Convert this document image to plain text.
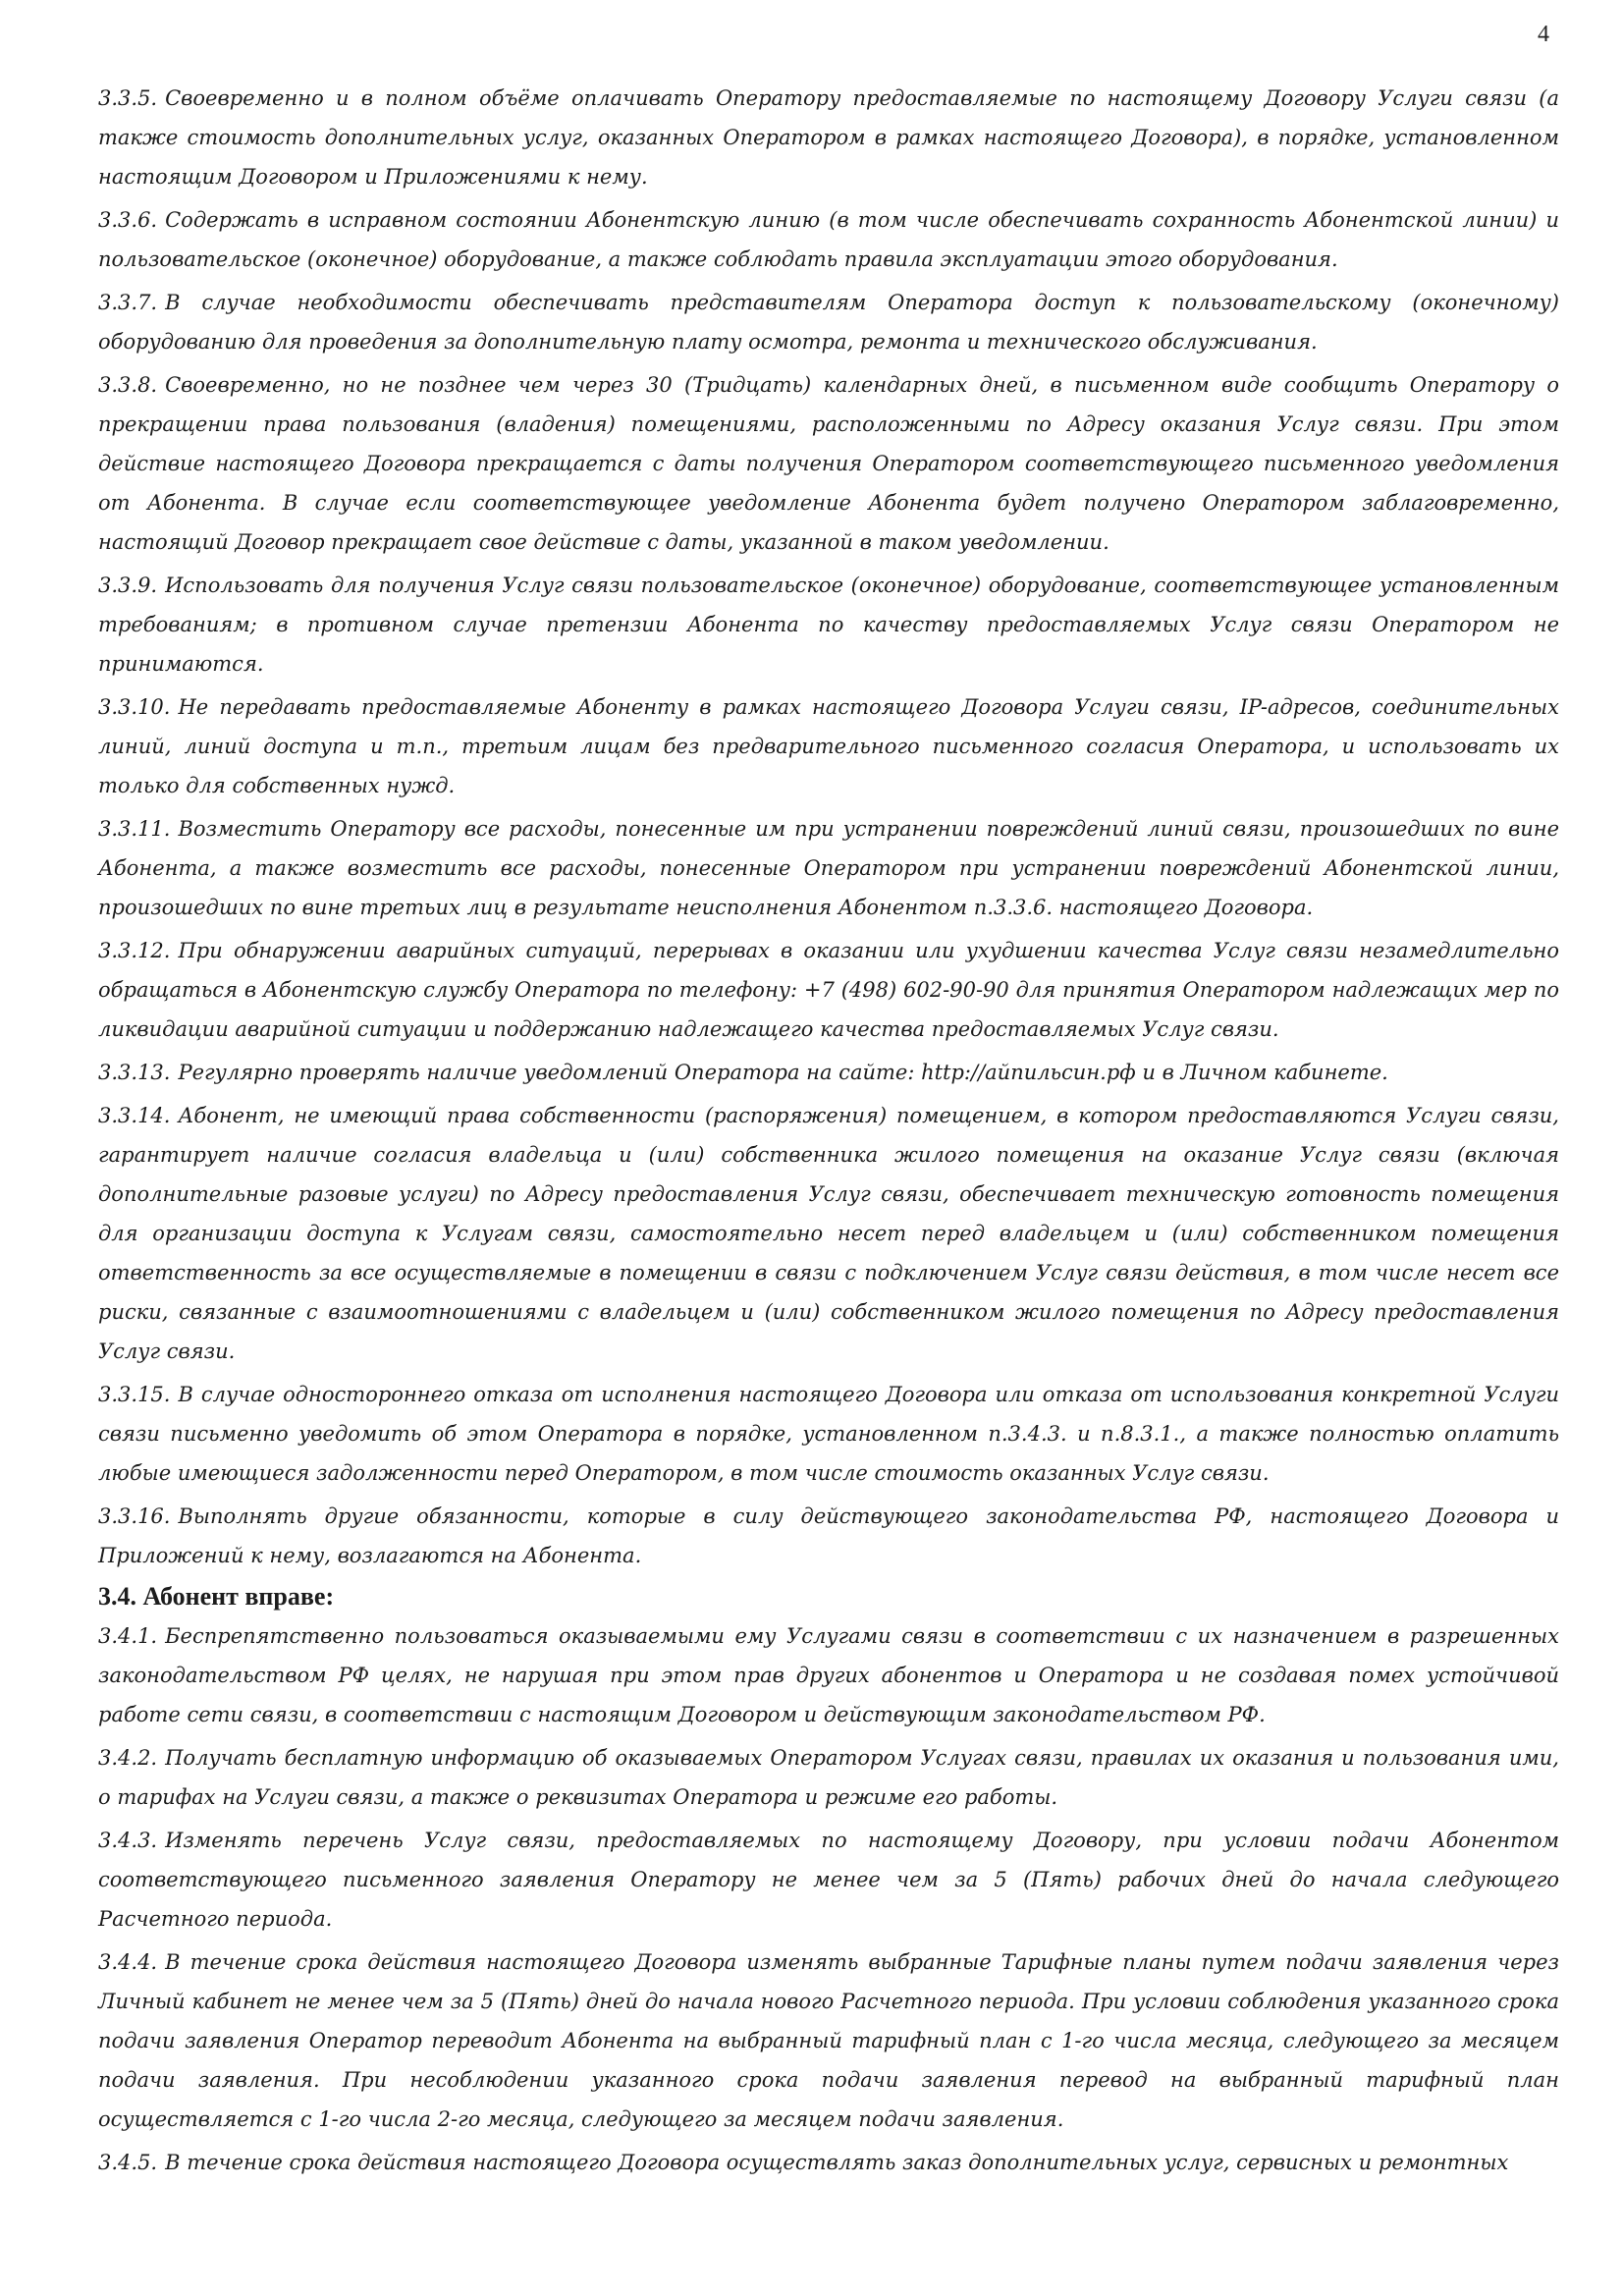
4

3.3.5. Своевременно и в полном объёме оплачивать Оператору предоставляемые по настоящему Договору Услуги связи (а также стоимость дополнительных услуг, оказанных Оператором в рамках настоящего Договора), в порядке, установленном настоящим Договором и Приложениями к нему.

3.3.6. Содержать в исправном состоянии Абонентскую линию (в том числе обеспечивать сохранность Абонентской линии) и пользовательское (оконечное) оборудование, а также соблюдать правила эксплуатации этого оборудования.

3.3.7. В случае необходимости обеспечивать представителям Оператора доступ к пользовательскому (оконечному) оборудованию для проведения за дополнительную плату осмотра, ремонта и технического обслуживания.

3.3.8. Своевременно, но не позднее чем через 30 (Тридцать) календарных дней, в письменном виде сообщить Оператору о прекращении права пользования (владения) помещениями, расположенными по Адресу оказания Услуг связи. При этом действие настоящего Договора прекращается с даты получения Оператором соответствующего письменного уведомления от Абонента. В случае если соответствующее уведомление Абонента будет получено Оператором заблаговременно, настоящий Договор прекращает свое действие с даты, указанной в таком уведомлении.

3.3.9. Использовать для получения Услуг связи пользовательское (оконечное) оборудование, соответствующее установленным требованиям; в противном случае претензии Абонента по качеству предоставляемых Услуг связи Оператором не принимаются.

3.3.10. Не передавать предоставляемые Абоненту в рамках настоящего Договора Услуги связи, IP-адресов, соединительных линий, линий доступа и т.п., третьим лицам без предварительного письменного согласия Оператора, и использовать их только для собственных нужд.

3.3.11. Возместить Оператору все расходы, понесенные им при устранении повреждений линий связи, произошедших по вине Абонента, а также возместить все расходы, понесенные Оператором при устранении повреждений Абонентской линии, произошедших по вине третьих лиц в результате неисполнения Абонентом п.3.3.6. настоящего Договора.

3.3.12. При обнаружении аварийных ситуаций, перерывах в оказании или ухудшении качества Услуг связи незамедлительно обращаться в Абонентскую службу Оператора по телефону: +7 (498) 602-90-90 для принятия Оператором надлежащих мер по ликвидации аварийной ситуации и поддержанию надлежащего качества предоставляемых Услуг связи.

3.3.13. Регулярно проверять наличие уведомлений Оператора на сайте: http://айпильсин.рф и в Личном кабинете.

3.3.14. Абонент, не имеющий права собственности (распоряжения) помещением, в котором предоставляются Услуги связи, гарантирует наличие согласия владельца и (или) собственника жилого помещения на оказание Услуг связи (включая дополнительные разовые услуги) по Адресу предоставления Услуг связи, обеспечивает техническую готовность помещения для организации доступа к Услугам связи, самостоятельно несет перед владельцем и (или) собственником помещения ответственность за все осуществляемые в помещении в связи с подключением Услуг связи действия, в том числе несет все риски, связанные с взаимоотношениями с владельцем и (или) собственником жилого помещения по Адресу предоставления Услуг связи.

3.3.15. В случае одностороннего отказа от исполнения настоящего Договора или отказа от использования конкретной Услуги связи письменно уведомить об этом Оператора в порядке, установленном п.3.4.3. и п.8.3.1., а также полностью оплатить любые имеющиеся задолженности перед Оператором, в том числе стоимость оказанных Услуг связи.

3.3.16. Выполнять другие обязанности, которые в силу действующего законодательства РФ, настоящего Договора и Приложений к нему, возлагаются на Абонента.

3.4. Абонент вправе:

3.4.1. Беспрепятственно пользоваться оказываемыми ему Услугами связи в соответствии с их назначением в разрешенных законодательством РФ целях, не нарушая при этом прав других абонентов и Оператора и не создавая помех устойчивой работе сети связи, в соответствии с настоящим Договором и действующим законодательством РФ.

3.4.2. Получать бесплатную информацию об оказываемых Оператором Услугах связи, правилах их оказания и пользования ими, о тарифах на Услуги связи, а также о реквизитах Оператора и режиме его работы.

3.4.3. Изменять перечень Услуг связи, предоставляемых по настоящему Договору, при условии подачи Абонентом соответствующего письменного заявления Оператору не менее чем за 5 (Пять) рабочих дней до начала следующего Расчетного периода.

3.4.4. В течение срока действия настоящего Договора изменять выбранные Тарифные планы путем подачи заявления через Личный кабинет не менее чем за 5 (Пять) дней до начала нового Расчетного периода. При условии соблюдения указанного срока подачи заявления Оператор переводит Абонента на выбранный тарифный план с 1-го числа месяца, следующего за месяцем подачи заявления. При несоблюдении указанного срока подачи заявления перевод на выбранный тарифный план осуществляется с 1-го числа 2-го месяца, следующего за месяцем подачи заявления.

3.4.5. В течение срока действия настоящего Договора осуществлять заказ дополнительных услуг, сервисных и ремонтных
